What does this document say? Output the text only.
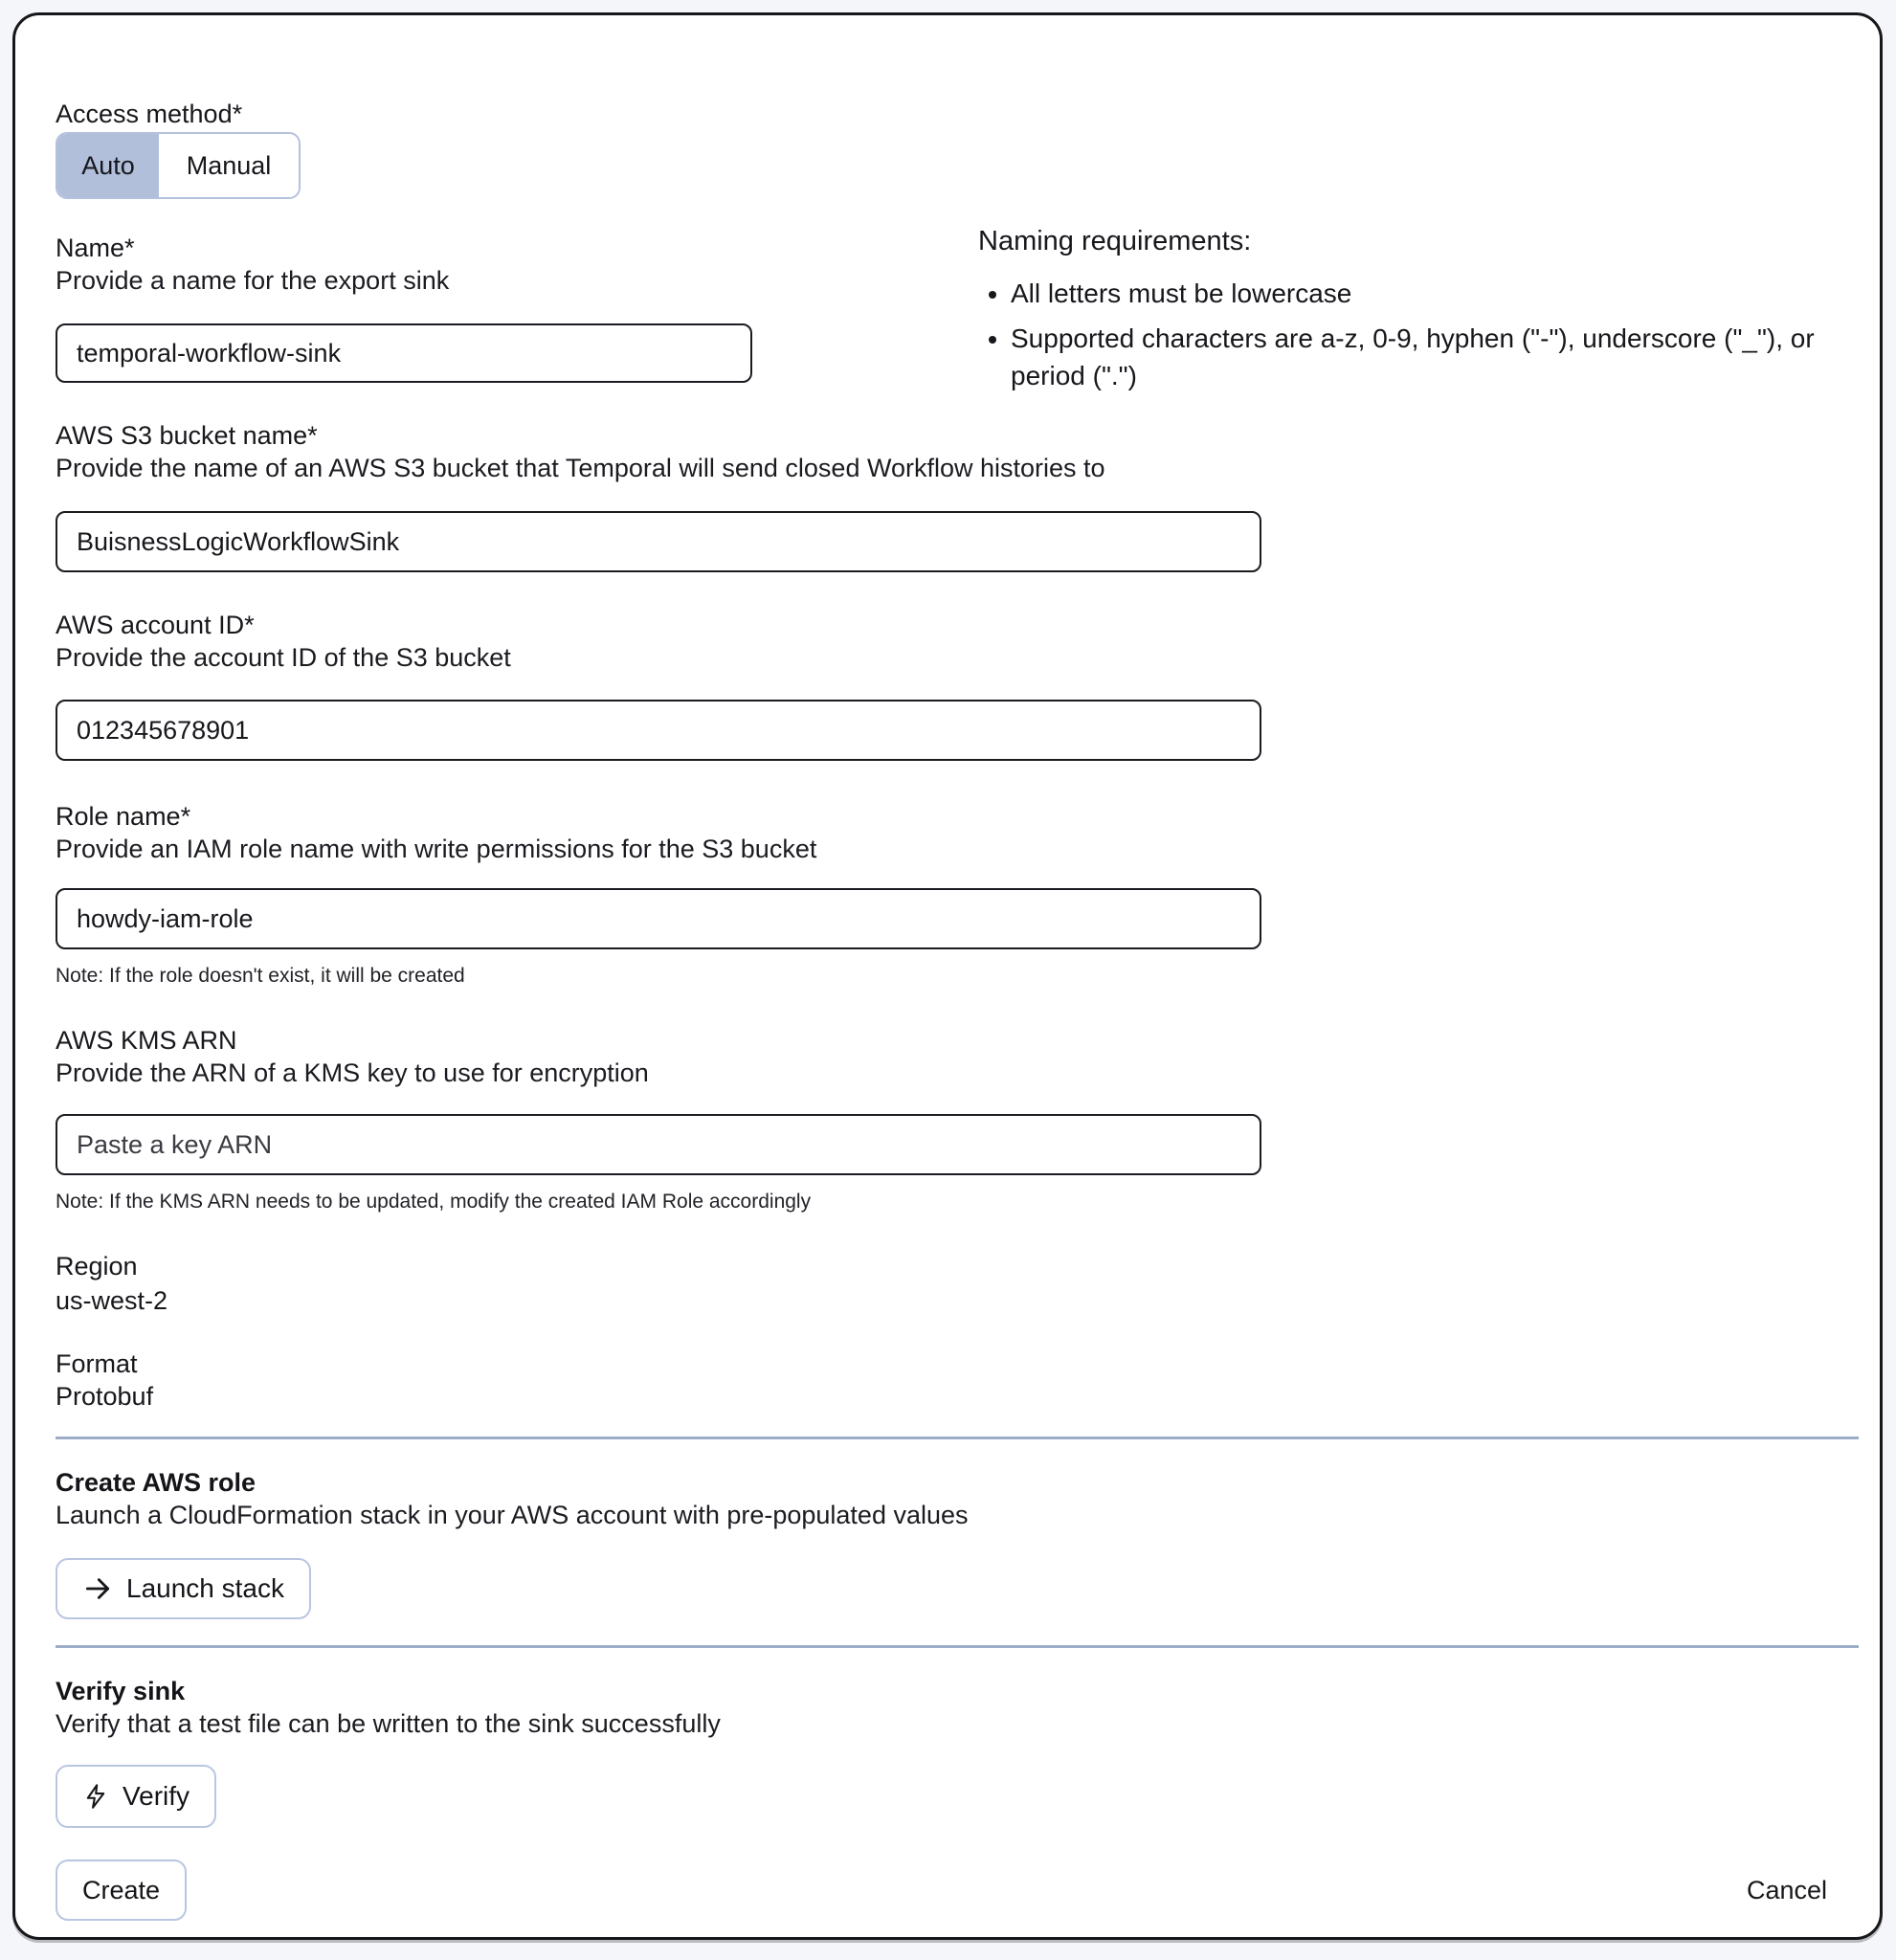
Access method*
Auto Manual
Name*
Provide a name for the export sink
temporal-workflow-sink
Naming requirements:
• All letters must be lowercase
• Supported characters are a-z, 0-9, hyphen ("-"), underscore ("_"), or period (".")
AWS S3 bucket name*
Provide the name of an AWS S3 bucket that Temporal will send closed Workflow histories to
BuisnessLogicWorkflowSink
AWS account ID*
Provide the account ID of the S3 bucket
012345678901
Role name*
Provide an IAM role name with write permissions for the S3 bucket
howdy-iam-role
Note: If the role doesn't exist, it will be created
AWS KMS ARN
Provide the ARN of a KMS key to use for encryption
Paste a key ARN
Note: If the KMS ARN needs to be updated, modify the created IAM Role accordingly
Region
us-west-2
Format
Protobuf
Create AWS role
Launch a CloudFormation stack in your AWS account with pre-populated values
Launch stack
Verify sink
Verify that a test file can be written to the sink successfully
Verify
Create	Cancel
